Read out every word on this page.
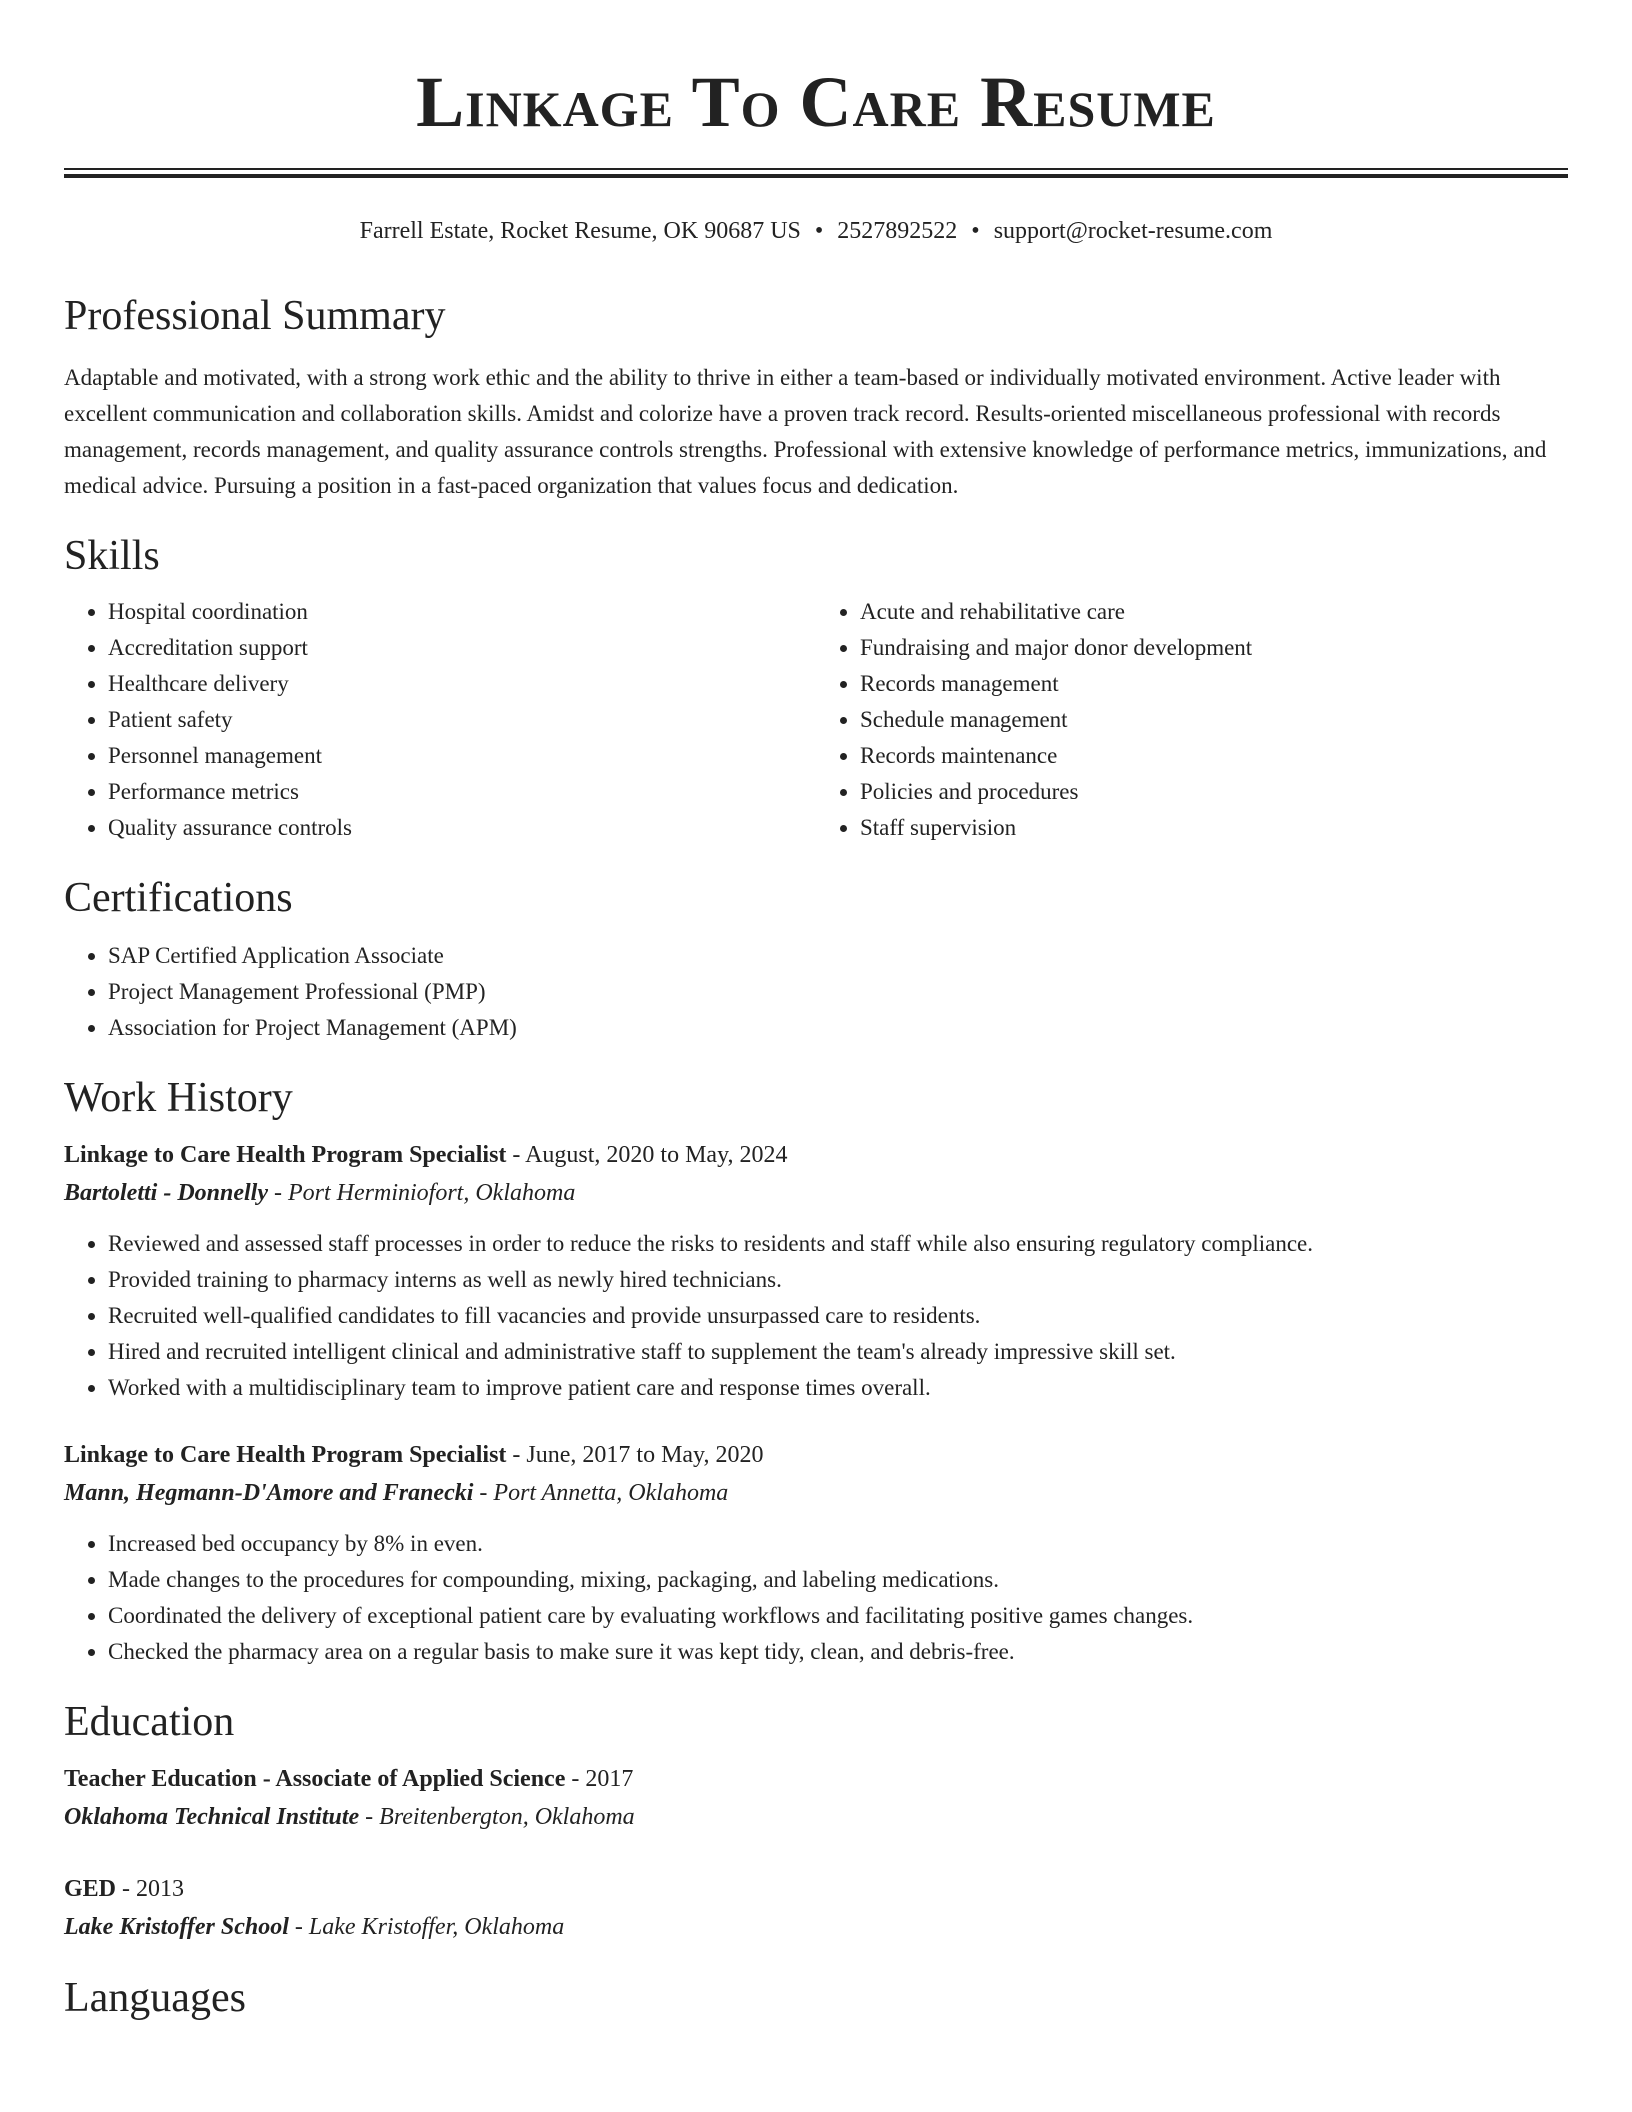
Linkage To Care Resume
Farrell Estate, Rocket Resume, OK 90687 US • 2527892522 • support@rocket-resume.com
Professional Summary

Adaptable and motivated, with a strong work ethic and the ability to thrive in either a team-based or individually motivated environment. Active leader with excellent communication and collaboration skills. Amidst and colorize have a proven track record. Results-oriented miscellaneous professional with records management, records management, and quality assurance controls strengths. Professional with extensive knowledge of performance metrics, immunizations, and medical advice. Pursuing a position in a fast-paced organization that values focus and dedication.

Skills
• Hospital coordination
• Accreditation support
• Healthcare delivery
• Patient safety
• Personnel management
• Performance metrics
• Quality assurance controls
• Acute and rehabilitative care
• Fundraising and major donor development
• Records management
• Schedule management
• Records maintenance
• Policies and procedures
• Staff supervision
Certifications
• SAP Certified Application Associate
• Project Management Professional (PMP)
• Association for Project Management (APM)
Work History
Linkage to Care Health Program Specialist - August, 2020 to May, 2024
Bartoletti - Donnelly - Port Herminiofort, Oklahoma
• Reviewed and assessed staff processes in order to reduce the risks to residents and staff while also ensuring regulatory compliance.
• Provided training to pharmacy interns as well as newly hired technicians.
• Recruited well-qualified candidates to fill vacancies and provide unsurpassed care to residents.
• Hired and recruited intelligent clinical and administrative staff to supplement the team's already impressive skill set.
• Worked with a multidisciplinary team to improve patient care and response times overall.
Linkage to Care Health Program Specialist - June, 2017 to May, 2020
Mann, Hegmann-D'Amore and Franecki - Port Annetta, Oklahoma
• Increased bed occupancy by 8% in even.
• Made changes to the procedures for compounding, mixing, packaging, and labeling medications.
• Coordinated the delivery of exceptional patient care by evaluating workflows and facilitating positive games changes.
• Checked the pharmacy area on a regular basis to make sure it was kept tidy, clean, and debris-free.
Education
Teacher Education - Associate of Applied Science - 2017
Oklahoma Technical Institute - Breitenbergton, Oklahoma
GED - 2013
Lake Kristoffer School - Lake Kristoffer, Oklahoma
Languages
